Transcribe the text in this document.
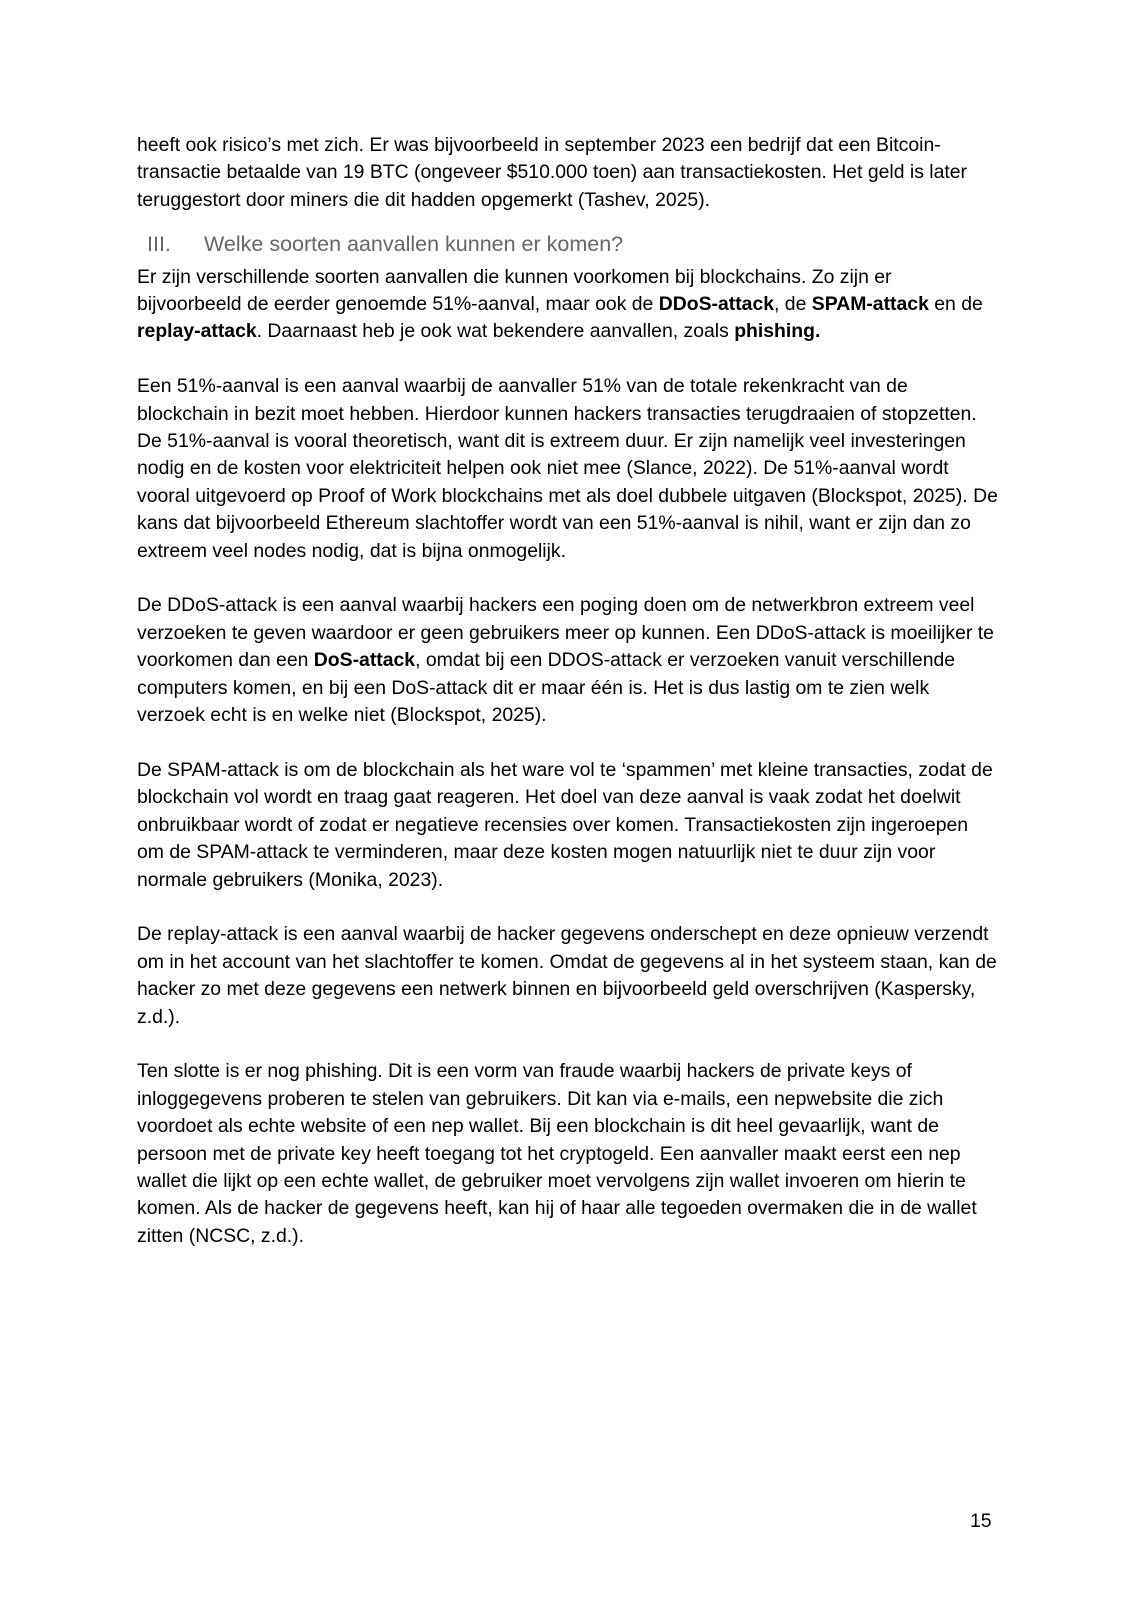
heeft ook risico’s met zich. Er was bijvoorbeeld in september 2023 een bedrijf dat een Bitcoin-transactie betaalde van 19 BTC (ongeveer $510.000 toen) aan transactiekosten. Het geld is later teruggestort door miners die dit hadden opgemerkt (Tashev, 2025).

III.	Welke soorten aanvallen kunnen er komen?

Er zijn verschillende soorten aanvallen die kunnen voorkomen bij blockchains. Zo zijn er bijvoorbeeld de eerder genoemde 51%-aanval, maar ook de DDoS-attack, de SPAM-attack en de replay-attack. Daarnaast heb je ook wat bekendere aanvallen, zoals phishing.

Een 51%-aanval is een aanval waarbij de aanvaller 51% van de totale rekenkracht van de blockchain in bezit moet hebben. Hierdoor kunnen hackers transacties terugdraaien of stopzetten. De 51%-aanval is vooral theoretisch, want dit is extreem duur. Er zijn namelijk veel investeringen nodig en de kosten voor elektriciteit helpen ook niet mee (Slance, 2022). De 51%-aanval wordt vooral uitgevoerd op Proof of Work blockchains met als doel dubbele uitgaven (Blockspot, 2025). De kans dat bijvoorbeeld Ethereum slachtoffer wordt van een 51%-aanval is nihil, want er zijn dan zo extreem veel nodes nodig, dat is bijna onmogelijk.

De DDoS-attack is een aanval waarbij hackers een poging doen om de netwerkbron extreem veel verzoeken te geven waardoor er geen gebruikers meer op kunnen. Een DDoS-attack is moeilijker te voorkomen dan een DoS-attack, omdat bij een DDOS-attack er verzoeken vanuit verschillende computers komen, en bij een DoS-attack dit er maar één is. Het is dus lastig om te zien welk verzoek echt is en welke niet (Blockspot, 2025).

De SPAM-attack is om de blockchain als het ware vol te ‘spammen’ met kleine transacties, zodat de blockchain vol wordt en traag gaat reageren. Het doel van deze aanval is vaak zodat het doelwit onbruikbaar wordt of zodat er negatieve recensies over komen. Transactiekosten zijn ingeroepen om de SPAM-attack te verminderen, maar deze kosten mogen natuurlijk niet te duur zijn voor normale gebruikers (Monika, 2023).

De replay-attack is een aanval waarbij de hacker gegevens onderschept en deze opnieuw verzendt om in het account van het slachtoffer te komen. Omdat de gegevens al in het systeem staan, kan de hacker zo met deze gegevens een netwerk binnen en bijvoorbeeld geld overschrijven (Kaspersky, z.d.).

Ten slotte is er nog phishing. Dit is een vorm van fraude waarbij hackers de private keys of inloggegevens proberen te stelen van gebruikers. Dit kan via e-mails, een nepwebsite die zich voordoet als echte website of een nep wallet. Bij een blockchain is dit heel gevaarlijk, want de persoon met de private key heeft toegang tot het cryptogeld. Een aanvaller maakt eerst een nep wallet die lijkt op een echte wallet, de gebruiker moet vervolgens zijn wallet invoeren om hierin te komen. Als de hacker de gegevens heeft, kan hij of haar alle tegoeden overmaken die in de wallet zitten (NCSC, z.d.).

15
